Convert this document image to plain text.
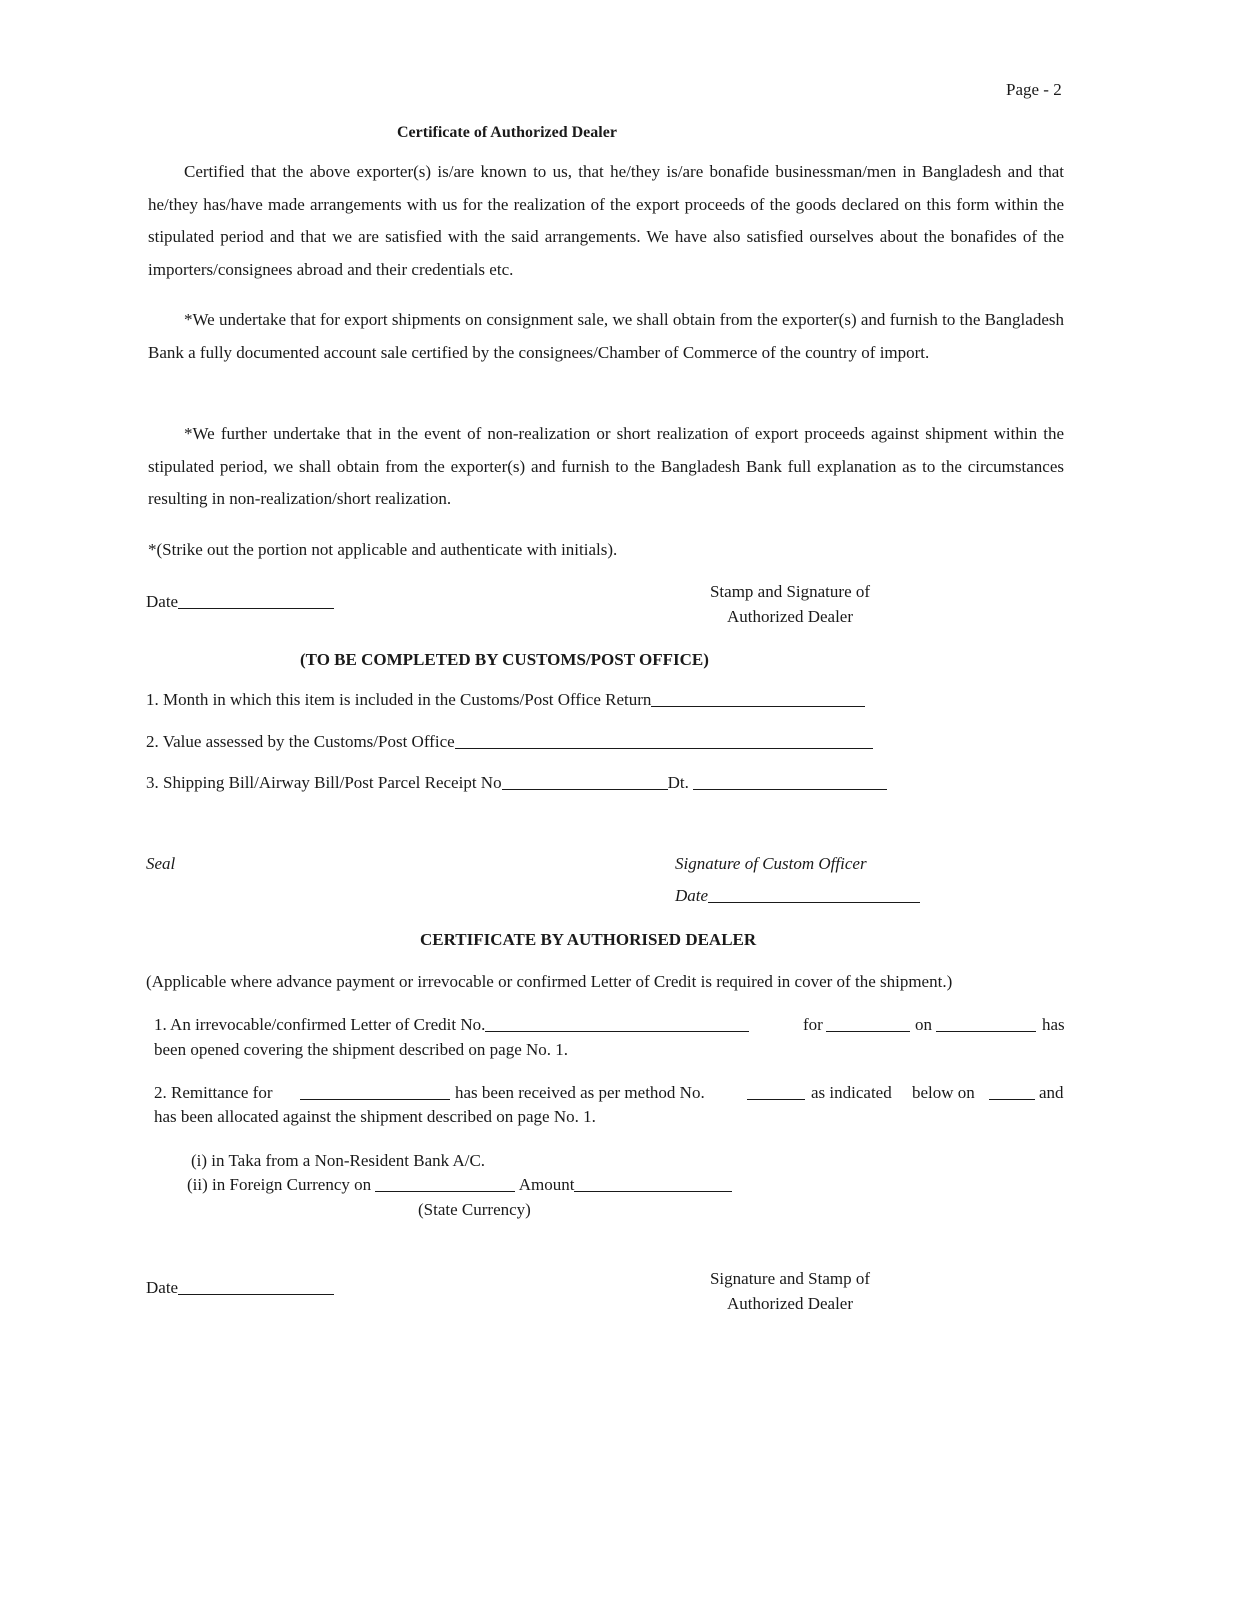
Page - 2
Certificate of Authorized Dealer

Certified that the above exporter(s) is/are known to us, that he/they is/are bonafide businessman/men in Bangladesh and that he/they has/have made arrangements with us for the realization of the export proceeds of the goods declared on this form within the stipulated period and that we are satisfied with the said arrangements. We have also satisfied ourselves about the bonafides of the importers/consignees abroad and their credentials etc.

*We undertake that for export shipments on consignment sale, we shall obtain from the exporter(s) and furnish to the Bangladesh Bank a fully documented account sale certified by the consignees/Chamber of Commerce of the country of import.

*We further undertake that in the event of non-realization or short realization of export proceeds against shipment within the stipulated period, we shall obtain from the exporter(s) and furnish to the Bangladesh Bank full explanation as to the circumstances resulting in non-realization/short realization.

*(Strike out the portion not applicable and authenticate with initials).
Date
Stamp and Signature of
Authorized Dealer
(TO BE COMPLETED BY CUSTOMS/POST OFFICE)
1. Month in which this item is included in the Customs/Post Office Return
2. Value assessed by the Customs/Post Office
3. Shipping Bill/Airway Bill/Post Parcel Receipt No	Dt.
Seal	Signature of Custom Officer
Date
CERTIFICATE BY AUTHORISED DEALER
(Applicable where advance payment or irrevocable or confirmed Letter of Credit is required in cover of the shipment.)
1. An irrevocable/confirmed Letter of Credit No.	for	on	has
been opened covering the shipment described on page No. 1.
2. Remittance for	has been received as per method No.	as indicated below on	and
has been allocated against the shipment described on page No. 1.
(i) in Taka from a Non-Resident Bank A/C.
(ii) in Foreign Currency on	Amount
(State Currency)
Date	Signature and Stamp of
Authorized Dealer
